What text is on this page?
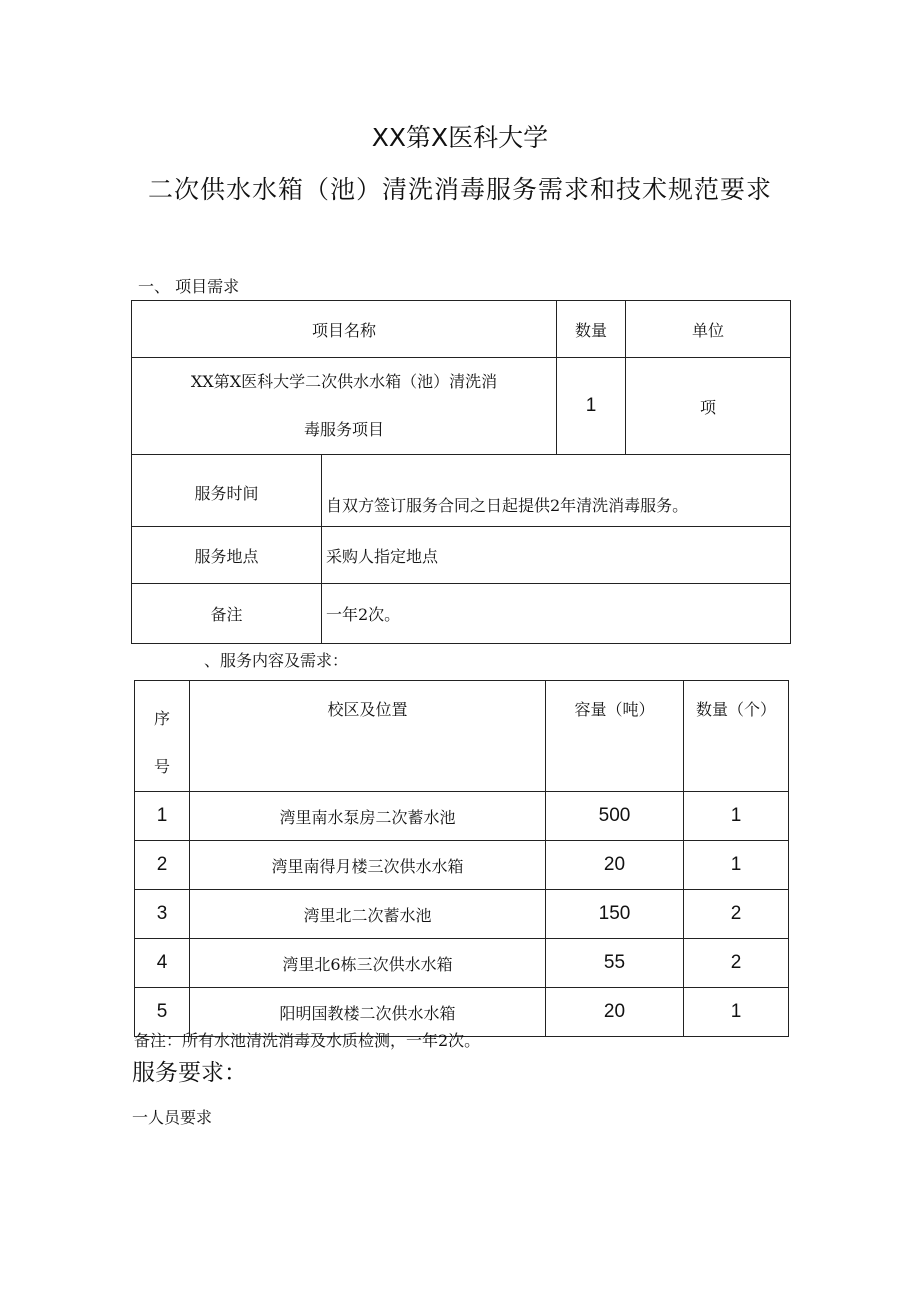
XX第X医科大学
二次供水水箱（池）清洗消毒服务需求和技术规范要求
一、 项目需求
项目名称		数量	单位

XX第X医科大学二次供水水箱（池）清洗消
毒服务项目		1	项
服务时间	自双方签订服务合同之日起提供2年清洗消毒服务。		
服务地点	采购人指定地点		
备注	一年2次。		
、服务内容及需求：
序
号	校区及位置	容量（吨）	数量（个）
1	湾里南水泵房二次蓄水池	500	1
2	湾里南得月楼三次供水水箱	20	1
3	湾里北二次蓄水池	150	2
4	湾里北6栋三次供水水箱	55	2
5	阳明国教楼二次供水水箱	20	1
备注：所有水池清洗消毒及水质检测，一年2次。
服务要求：
一人员要求
